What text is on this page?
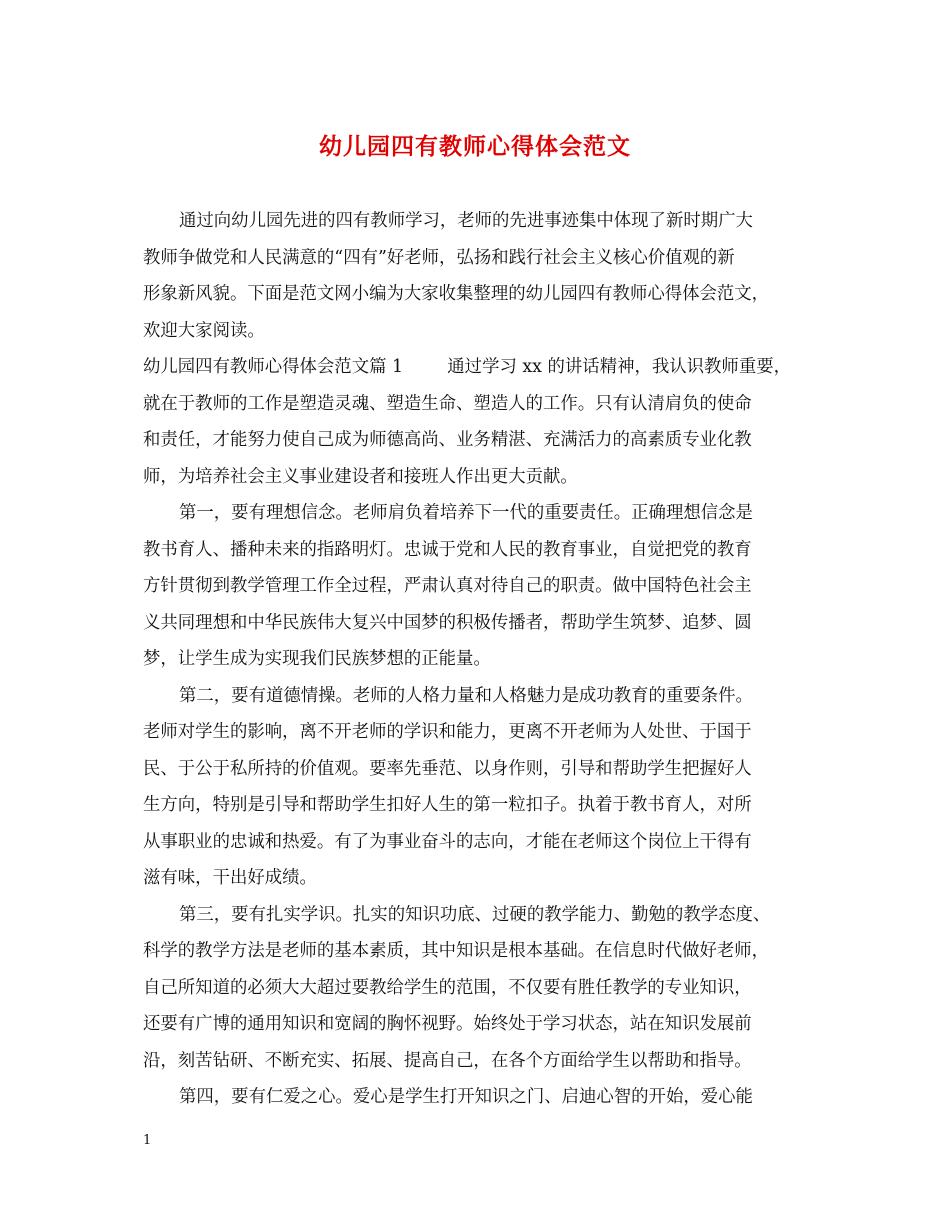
幼儿园四有教师心得体会范文
通过向幼儿园先进的四有教师学习，老师的先进事迹集中体现了新时期广大
教师争做党和人民满意的“四有”好老师，弘扬和践行社会主义核心价值观的新
形象新风貌。下面是范文网小编为大家收集整理的幼儿园四有教师心得体会范文，
欢迎大家阅读。
幼儿园四有教师心得体会范文篇 1        通过学习 xx 的讲话精神，我认识教师重要，
就在于教师的工作是塑造灵魂、塑造生命、塑造人的工作。只有认清肩负的使命
和责任，才能努力使自己成为师德高尚、业务精湛、充满活力的高素质专业化教
师，为培养社会主义事业建设者和接班人作出更大贡献。
第一，要有理想信念。老师肩负着培养下一代的重要责任。正确理想信念是
教书育人、播种未来的指路明灯。忠诚于党和人民的教育事业，自觉把党的教育
方针贯彻到教学管理工作全过程，严肃认真对待自己的职责。做中国特色社会主
义共同理想和中华民族伟大复兴中国梦的积极传播者，帮助学生筑梦、追梦、圆
梦，让学生成为实现我们民族梦想的正能量。
第二，要有道德情操。老师的人格力量和人格魅力是成功教育的重要条件。
老师对学生的影响，离不开老师的学识和能力，更离不开老师为人处世、于国于
民、于公于私所持的价值观。要率先垂范、以身作则，引导和帮助学生把握好人
生方向，特别是引导和帮助学生扣好人生的第一粒扣子。执着于教书育人，对所
从事职业的忠诚和热爱。有了为事业奋斗的志向，才能在老师这个岗位上干得有
滋有味，干出好成绩。
第三，要有扎实学识。扎实的知识功底、过硬的教学能力、勤勉的教学态度、
科学的教学方法是老师的基本素质，其中知识是根本基础。在信息时代做好老师，
自己所知道的必须大大超过要教给学生的范围，不仅要有胜任教学的专业知识，
还要有广博的通用知识和宽阔的胸怀视野。始终处于学习状态，站在知识发展前
沿，刻苦钻研、不断充实、拓展、提高自己，在各个方面给学生以帮助和指导。
第四，要有仁爱之心。爱心是学生打开知识之门、启迪心智的开始，爱心能
1
